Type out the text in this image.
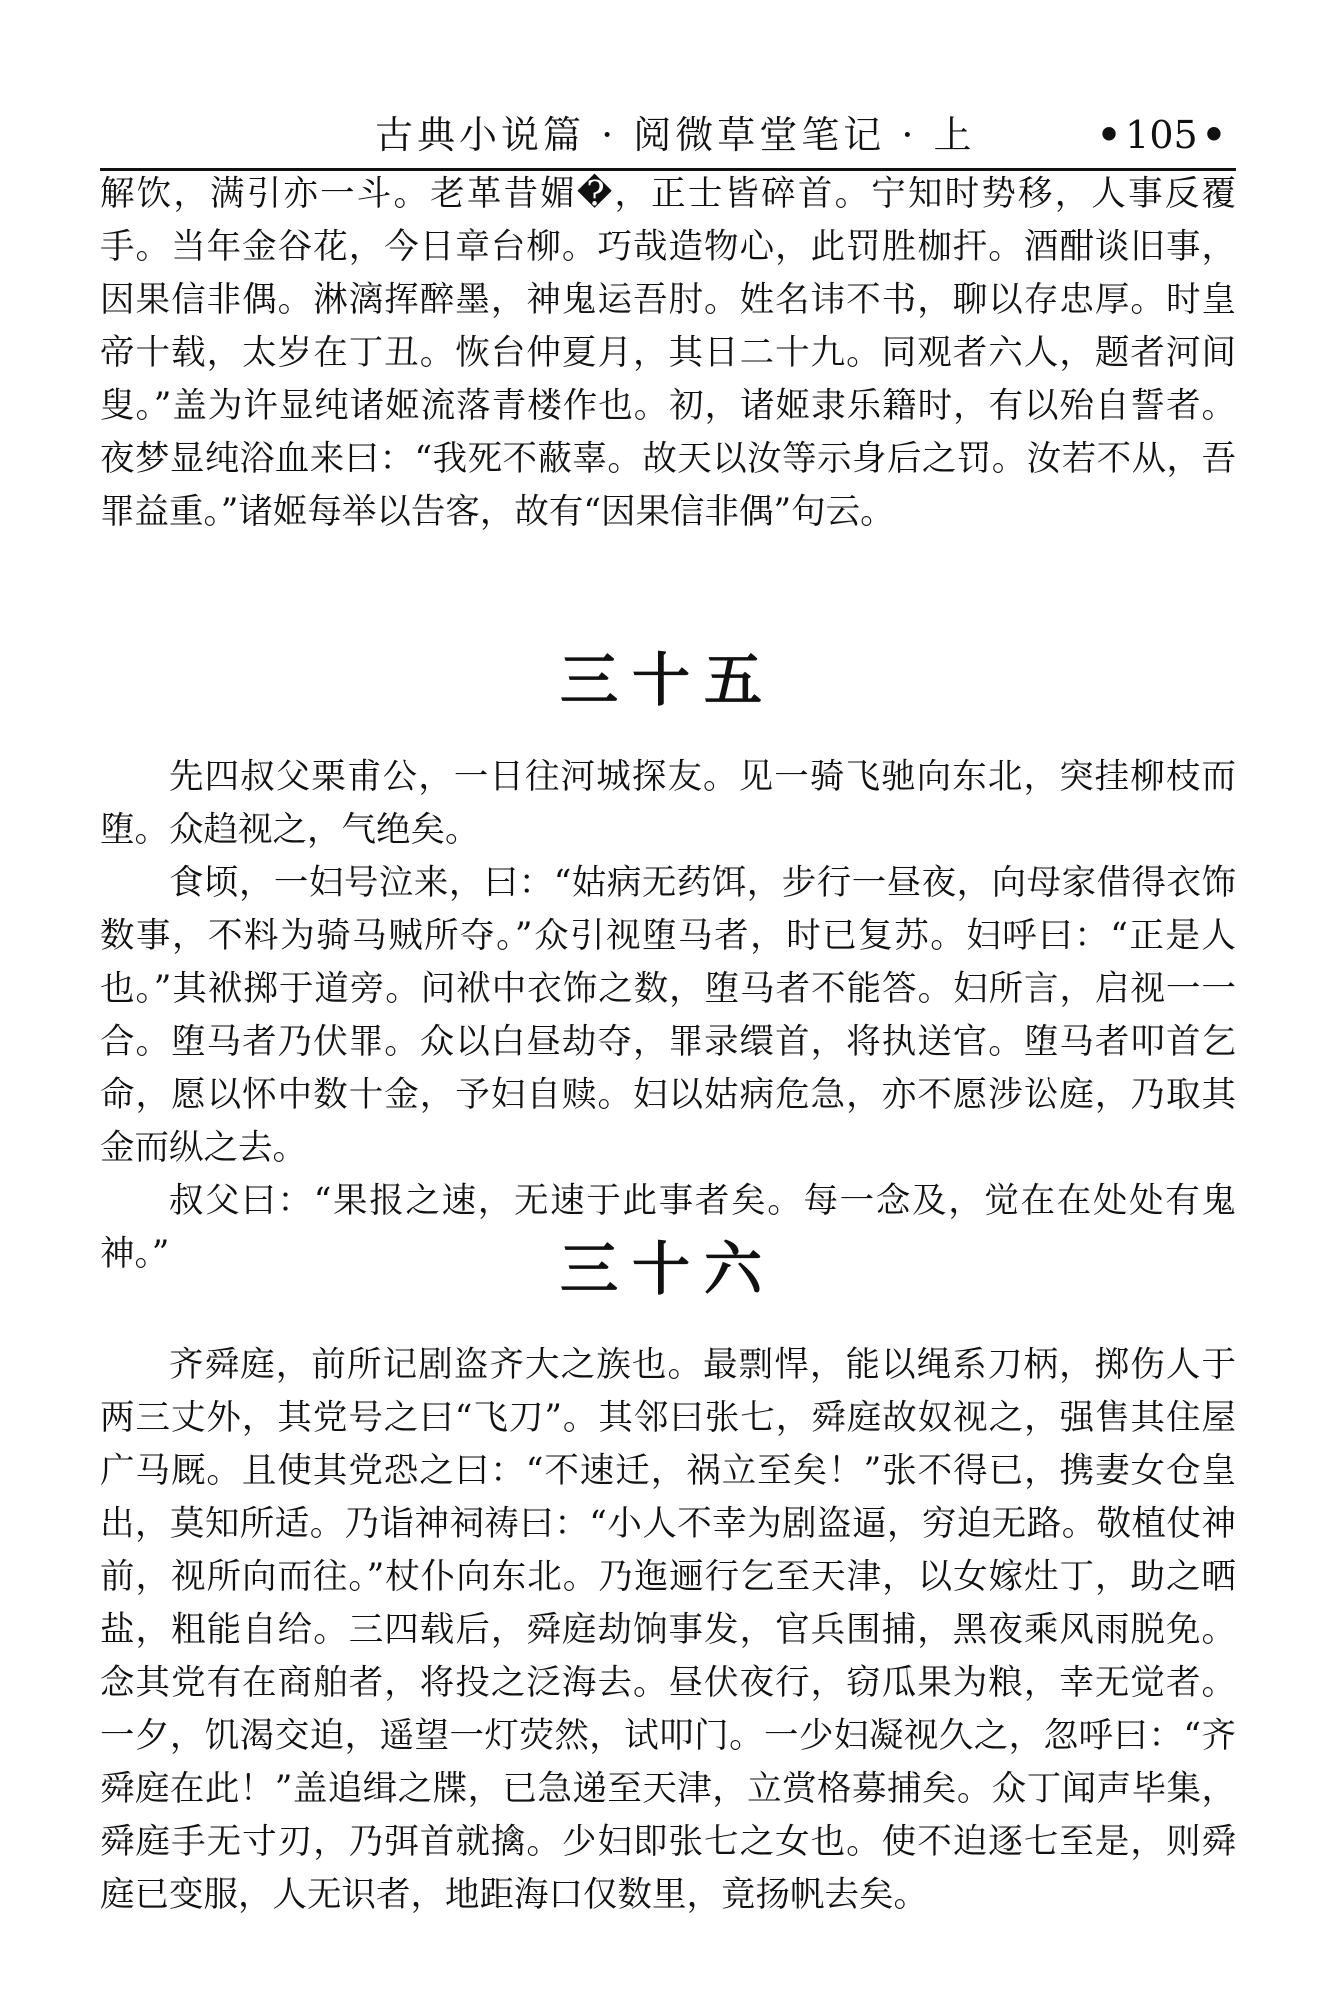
古典小说篇 · 阅微草堂笔记 · 上	• 105 •

解饮，满引亦一斗。老革昔媚�，正士皆碎首。宁知时势移，人事反覆手。当年金谷花，今日章台柳。巧哉造物心，此罚胜枷扞。酒酣谈旧事，因果信非偶。淋漓挥醉墨，神鬼运吾肘。姓名讳不书，聊以存忠厚。时皇帝十载，太岁在丁丑。恢台仲夏月，其日二十九。同观者六人，题者河间叟。”盖为许显纯诸姬流落青楼作也。初，诸姬隶乐籍时，有以殆自誓者。夜梦显纯浴血来曰：“我死不蔽辜。故天以汝等示身后之罚。汝若不从，吾罪益重。”诸姬每举以告客，故有“因果信非偶”句云。

三十五

先四叔父栗甫公，一日往河城探友。见一骑飞驰向东北，突挂柳枝而堕。众趋视之，气绝矣。

食顷，一妇号泣来，曰：“姑病无药饵，步行一昼夜，向母家借得衣饰数事，不料为骑马贼所夺。”众引视堕马者，时已复苏。妇呼曰：“正是人也。”其袱掷于道旁。问袱中衣饰之数，堕马者不能答。妇所言，启视一一合。堕马者乃伏罪。众以白昼劫夺，罪录缳首，将执送官。堕马者叩首乞命，愿以怀中数十金，予妇自赎。妇以姑病危急，亦不愿涉讼庭，乃取其金而纵之去。

叔父曰：“果报之速，无速于此事者矣。每一念及，觉在在处处有鬼神。”	三十六

齐舜庭，前所记剧盗齐大之族也。最剽悍，能以绳系刀柄，掷伤人于两三丈外，其党号之曰“飞刀”。其邻曰张七，舜庭故奴视之，强售其住屋广马厩。且使其党恐之曰：“不速迁，祸立至矣！”张不得已，携妻女仓皇出，莫知所适。乃诣神祠祷曰：“小人不幸为剧盗逼，穷迫无路。敬植仗神前，视所向而往。”杖仆向东北。乃迤逦行乞至天津，以女嫁灶丁，助之晒盐，粗能自给。三四载后，舜庭劫饷事发，官兵围捕，黑夜乘风雨脱免。念其党有在商舶者，将投之泛海去。昼伏夜行，窃瓜果为粮，幸无觉者。一夕，饥渴交迫，遥望一灯荧然，试叩门。一少妇凝视久之，忽呼曰：“齐舜庭在此！”盖追缉之牒，已急递至天津，立赏格募捕矣。众丁闻声毕集，舜庭手无寸刃，乃弭首就擒。少妇即张七之女也。使不迫逐七至是，则舜庭已变服，人无识者，地距海口仅数里，竟扬帆去矣。
